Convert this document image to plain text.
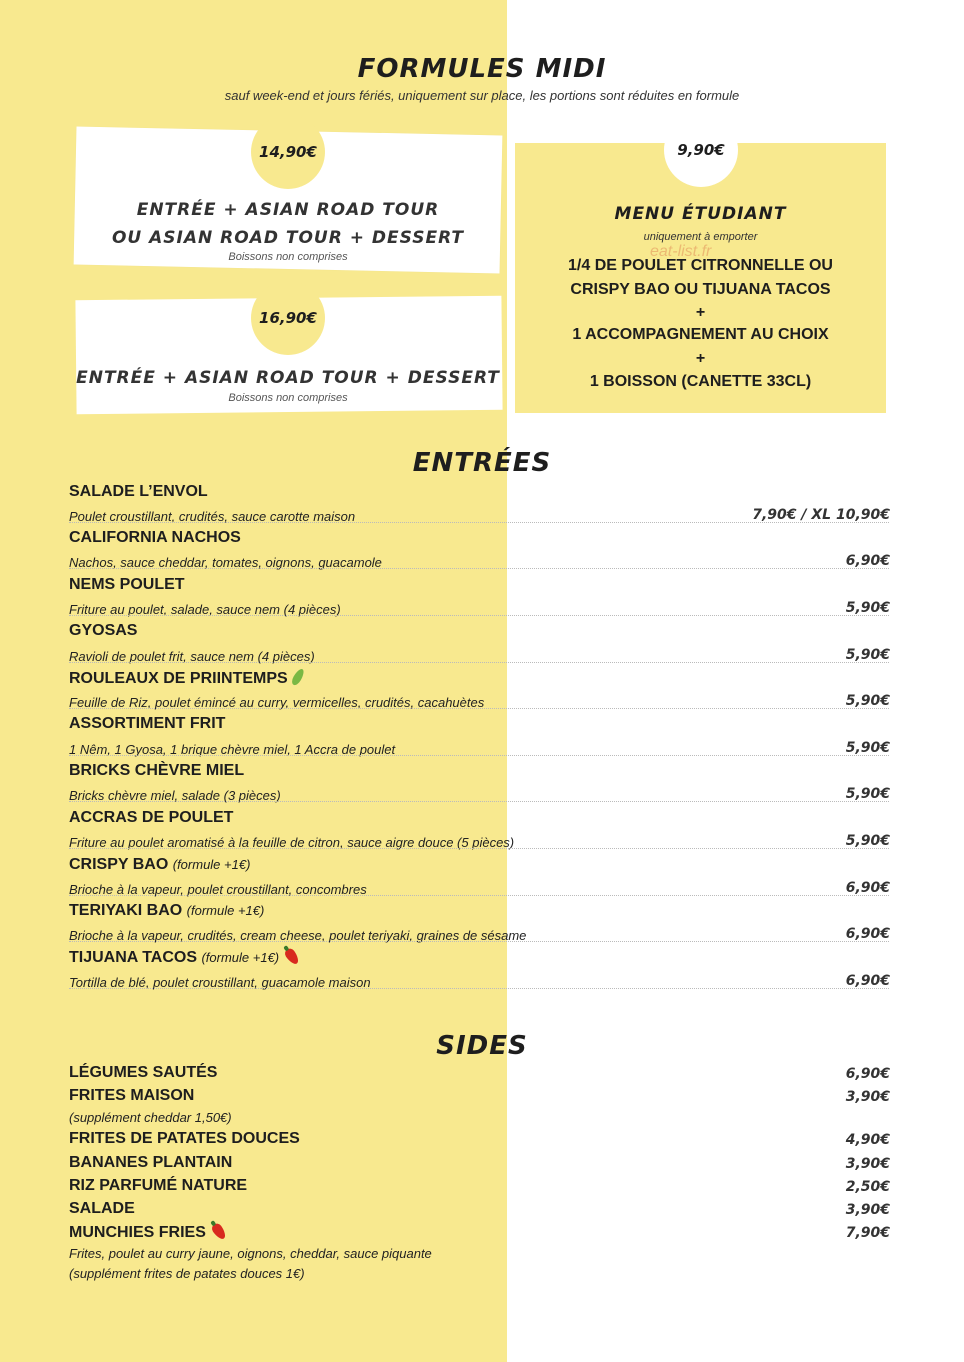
FORMULES MIDI
sauf week-end et jours fériés, uniquement sur place, les portions sont réduites en formule
14,90€
ENTRÉE + ASIAN ROAD TOUR
OU ASIAN ROAD TOUR + DESSERT
Boissons non comprises
16,90€
ENTRÉE + ASIAN ROAD TOUR + DESSERT
Boissons non comprises
9,90€
MENU ÉTUDIANT
uniquement à emporter
eat-list.fr
1/4 DE POULET CITRONNELLE OU
CRISPY BAO OU TIJUANA TACOS
+
1 ACCOMPAGNEMENT AU CHOIX
+
1 BOISSON (CANETTE 33CL)
ENTRÉES
SALADE L’ENVOL
Poulet croustillant, crudités, sauce carotte maison	7,90€ / XL 10,90€
CALIFORNIA NACHOS
Nachos, sauce cheddar, tomates, oignons, guacamole	6,90€
NEMS POULET
Friture au poulet, salade, sauce nem (4 pièces)	5,90€
GYOSAS
Ravioli de poulet frit, sauce nem (4 pièces)	5,90€
ROULEAUX DE PRIINTEMPS
Feuille de Riz, poulet émincé au curry, vermicelles, crudités, cacahuètes	5,90€
ASSORTIMENT FRIT
1 Nêm, 1 Gyosa, 1 brique chèvre miel, 1 Accra de poulet	5,90€
BRICKS CHÈVRE MIEL
Bricks chèvre miel, salade (3 pièces)	5,90€
ACCRAS DE POULET
Friture au poulet aromatisé à la feuille de citron, sauce aigre douce (5 pièces)	5,90€
CRISPY BAO (formule +1€)
Brioche à la vapeur, poulet croustillant, concombres	6,90€
TERIYAKI BAO (formule +1€)
Brioche à la vapeur, crudités, cream cheese, poulet teriyaki, graines de sésame	6,90€
TIJUANA TACOS (formule +1€)
Tortilla de blé, poulet croustillant, guacamole maison	6,90€
SIDES
LÉGUMES SAUTÉS	6,90€
FRITES MAISON	3,90€
(supplément cheddar 1,50€)
FRITES DE PATATES DOUCES	4,90€
BANANES PLANTAIN	3,90€
RIZ PARFUMÉ NATURE	2,50€
SALADE	3,90€
MUNCHIES FRIES	7,90€
Frites, poulet au curry jaune, oignons, cheddar, sauce piquante
(supplément frites de patates douces 1€)
